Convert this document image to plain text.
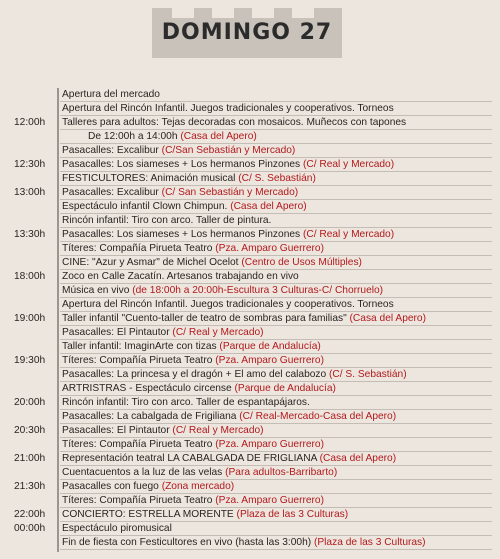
DOMINGO 27
Apertura del mercado
Apertura del Rincón Infantil. Juegos tradicionales y cooperativos. Torneos
12:00h	Talleres para adultos: Tejas decoradas con mosaicos. Muñecos con tapones
De 12:00h a 14:00h (Casa del Apero)
Pasacalles: Excalibur (C/San Sebastián y Mercado)
12:30h	Pasacalles: Los siameses + Los hermanos Pinzones (C/ Real y Mercado)
FESTICULTORES: Animación musical (C/ S. Sebastián)
13:00h	Pasacalles: Excalibur (C/ San Sebastián y Mercado)
Espectáculo infantil Clown Chimpun. (Casa del Apero)
Rincón infantil: Tiro con arco. Taller de pintura.
13:30h	Pasacalles: Los siameses + Los hermanos Pinzones (C/ Real y Mercado)
Títeres: Compañía Pirueta Teatro (Pza. Amparo Guerrero)
CINE: "Azur y Asmar" de Michel Ocelot (Centro de Usos Múltiples)
18:00h	Zoco en Calle Zacatín. Artesanos trabajando en vivo
Música en vivo (de 18:00h a 20:00h-Escultura 3 Culturas-C/ Chorruelo)
Apertura del Rincón Infantil. Juegos tradicionales y cooperativos. Torneos
19:00h	Taller infantil "Cuento-taller de teatro de sombras para familias" (Casa del Apero)
Pasacalles: El Pintautor (C/ Real y Mercado)
Taller infantil: ImaginArte con tizas (Parque de Andalucía)
19:30h	Títeres: Compañía Pirueta Teatro (Pza. Amparo Guerrero)
Pasacalles: La princesa y el dragón + El amo del calabozo (C/ S. Sebastián)
ARTRISTRAS - Espectáculo circense (Parque de Andalucía)
20:00h	Rincón infantil: Tiro con arco. Taller de espantapájaros.
Pasacalles: La cabalgada de Frigiliana (C/ Real-Mercado-Casa del Apero)
20:30h	Pasacalles: El Pintautor (C/ Real y Mercado)
Títeres: Compañía Pirueta Teatro (Pza. Amparo Guerrero)
21:00h	Representación teatral LA CABALGADA DE FRIGLIANA (Casa del Apero)
Cuentacuentos a la luz de las velas (Para adultos-Barribarto)
21:30h	Pasacalles con fuego (Zona mercado)
Títeres: Compañía Pirueta Teatro (Pza. Amparo Guerrero)
22:00h	CONCIERTO: ESTRELLA MORENTE (Plaza de las 3 Culturas)
00:00h	Espectáculo piromusical
Fin de fiesta con Festicultores en vivo (hasta las 3:00h) (Plaza de las 3 Culturas)
